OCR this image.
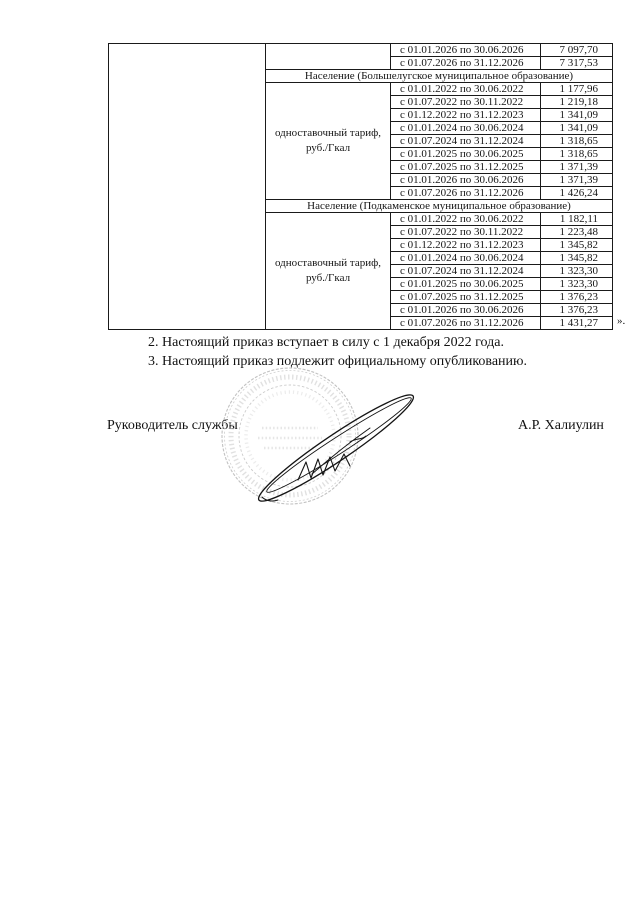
		с 01.01.2026 по 30.06.2026	7 097,70
		с 01.07.2026 по 31.12.2026	7 317,53
	Население (Большелугское муниципальное образование)		
	одноставочный тариф, руб./Гкал	с 01.01.2022 по 30.06.2022	1 177,96
		с 01.07.2022 по 30.11.2022	1 219,18
		с 01.12.2022 по 31.12.2023	1 341,09
		с 01.01.2024 по 30.06.2024	1 341,09
		с 01.07.2024 по 31.12.2024	1 318,65
		с 01.01.2025 по 30.06.2025	1 318,65
		с 01.07.2025 по 31.12.2025	1 371,39
		с 01.01.2026 по 30.06.2026	1 371,39
		с 01.07.2026 по 31.12.2026	1 426,24
	Население (Подкаменское муниципальное образование)		
	одноставочный тариф, руб./Гкал	с 01.01.2022 по 30.06.2022	1 182,11
		с 01.07.2022 по 30.11.2022	1 223,48
		с 01.12.2022 по 31.12.2023	1 345,82
		с 01.01.2024 по 30.06.2024	1 345,82
		с 01.07.2024 по 31.12.2024	1 323,30
		с 01.01.2025 по 30.06.2025	1 323,30
		с 01.07.2025 по 31.12.2025	1 376,23
		с 01.01.2026 по 30.06.2026	1 376,23
		с 01.07.2026 по 31.12.2026	1 431,27 ».
2. Настоящий приказ вступает в силу с 1 декабря 2022 года.
3. Настоящий приказ подлежит официальному опубликованию.
Руководитель службы	А.Р. Халиулин
